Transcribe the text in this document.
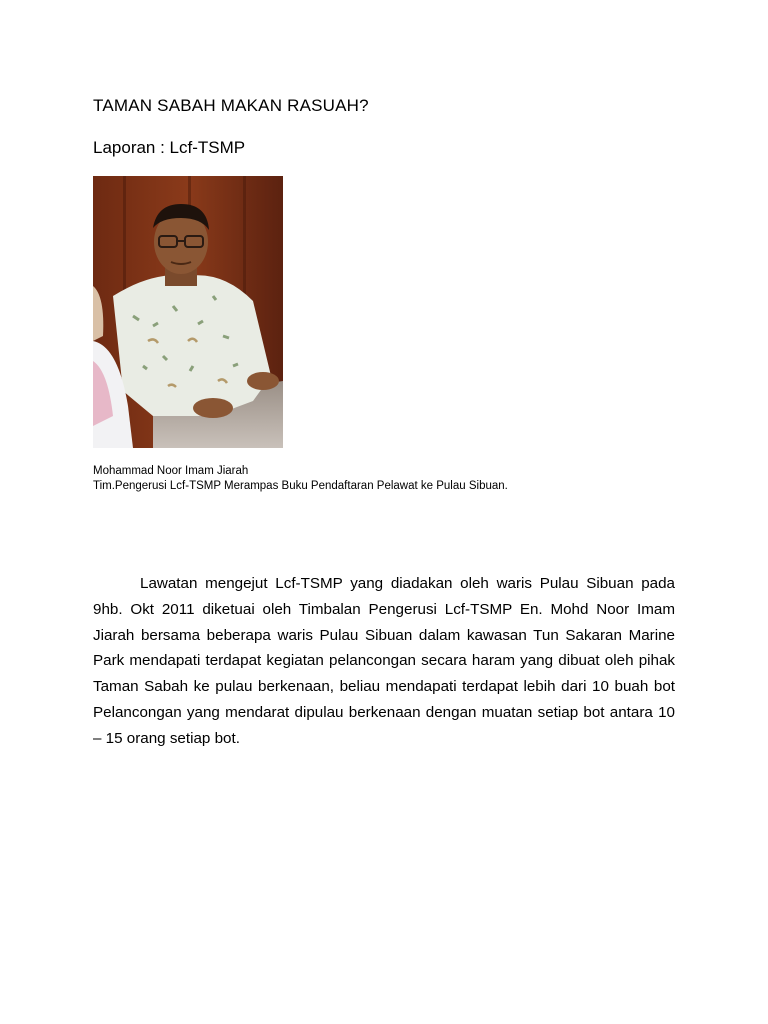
TAMAN SABAH MAKAN RASUAH?
Laporan : Lcf-TSMP
Mohammad Noor Imam Jiarah
Tim.Pengerusi Lcf-TSMP Merampas Buku Pendaftaran Pelawat ke Pulau Sibuan.

Lawatan mengejut Lcf-TSMP yang diadakan oleh waris Pulau Sibuan pada 9hb. Okt 2011 diketuai oleh Timbalan Pengerusi Lcf-TSMP En. Mohd Noor Imam Jiarah bersama beberapa waris Pulau Sibuan dalam kawasan Tun Sakaran Marine Park mendapati terdapat kegiatan pelancongan secara haram yang dibuat oleh pihak Taman Sabah ke pulau berkenaan, beliau mendapati terdapat lebih dari 10 buah bot Pelancongan yang mendarat dipulau berkenaan dengan muatan setiap bot antara 10 – 15 orang setiap bot.
